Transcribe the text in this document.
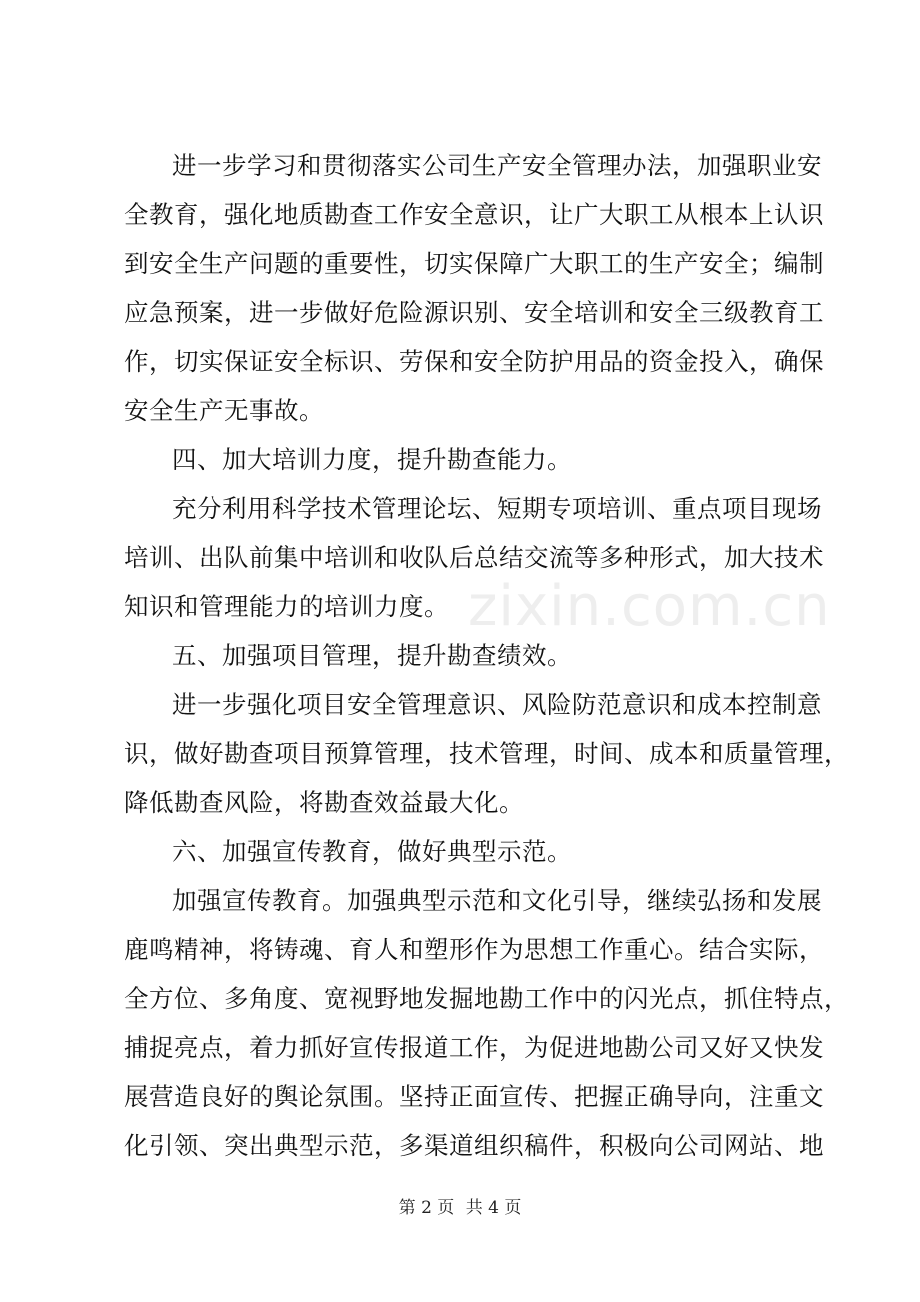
进一步学习和贯彻落实公司生产安全管理办法，加强职业安
全教育，强化地质勘查工作安全意识，让广大职工从根本上认识
到安全生产问题的重要性，切实保障广大职工的生产安全；编制
应急预案，进一步做好危险源识别、安全培训和安全三级教育工
作，切实保证安全标识、劳保和安全防护用品的资金投入，确保
安全生产无事故。
四、加大培训力度，提升勘查能力。
充分利用科学技术管理论坛、短期专项培训、重点项目现场
培训、出队前集中培训和收队后总结交流等多种形式，加大技术
知识和管理能力的培训力度。
五、加强项目管理，提升勘查绩效。
进一步强化项目安全管理意识、风险防范意识和成本控制意
识，做好勘查项目预算管理，技术管理，时间、成本和质量管理，
降低勘查风险，将勘查效益最大化。
六、加强宣传教育，做好典型示范。
加强宣传教育。加强典型示范和文化引导，继续弘扬和发展
鹿鸣精神，将铸魂、育人和塑形作为思想工作重心。结合实际，
全方位、多角度、宽视野地发掘地勘工作中的闪光点，抓住特点，
捕捉亮点，着力抓好宣传报道工作，为促进地勘公司又好又快发
展营造良好的舆论氛围。坚持正面宣传、把握正确导向，注重文
化引领、突出典型示范，多渠道组织稿件，积极向公司网站、地
zixin.com.cn
第 2 页 共 4 页
